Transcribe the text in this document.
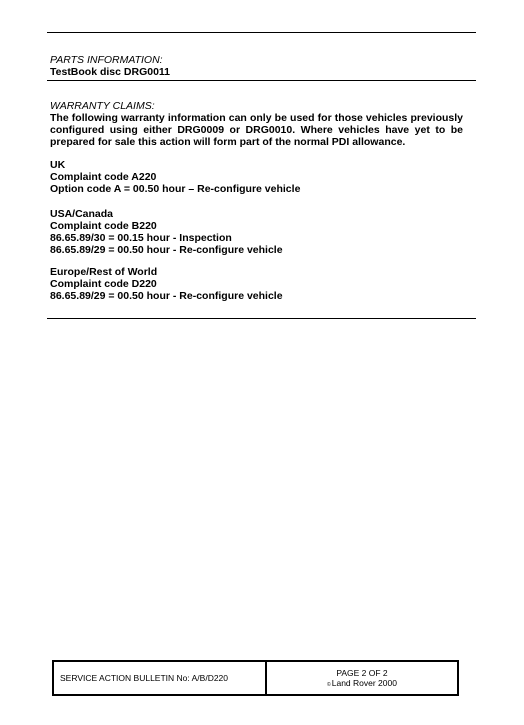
PARTS INFORMATION:
TestBook disc DRG0011
WARRANTY CLAIMS:
The following warranty information can only be used for those vehicles previously configured using either DRG0009 or DRG0010. Where vehicles have yet to be prepared for sale this action will form part of the normal PDI allowance.
UK
Complaint code A220
Option code A = 00.50 hour – Re-configure vehicle
USA/Canada
Complaint code B220
86.65.89/30 = 00.15 hour - Inspection
86.65.89/29 = 00.50 hour - Re-configure vehicle
Europe/Rest of World
Complaint code D220
86.65.89/29 = 00.50 hour - Re-configure vehicle
SERVICE ACTION BULLETIN No: A/B/D220	PAGE 2 OF 2
©Land Rover 2000
